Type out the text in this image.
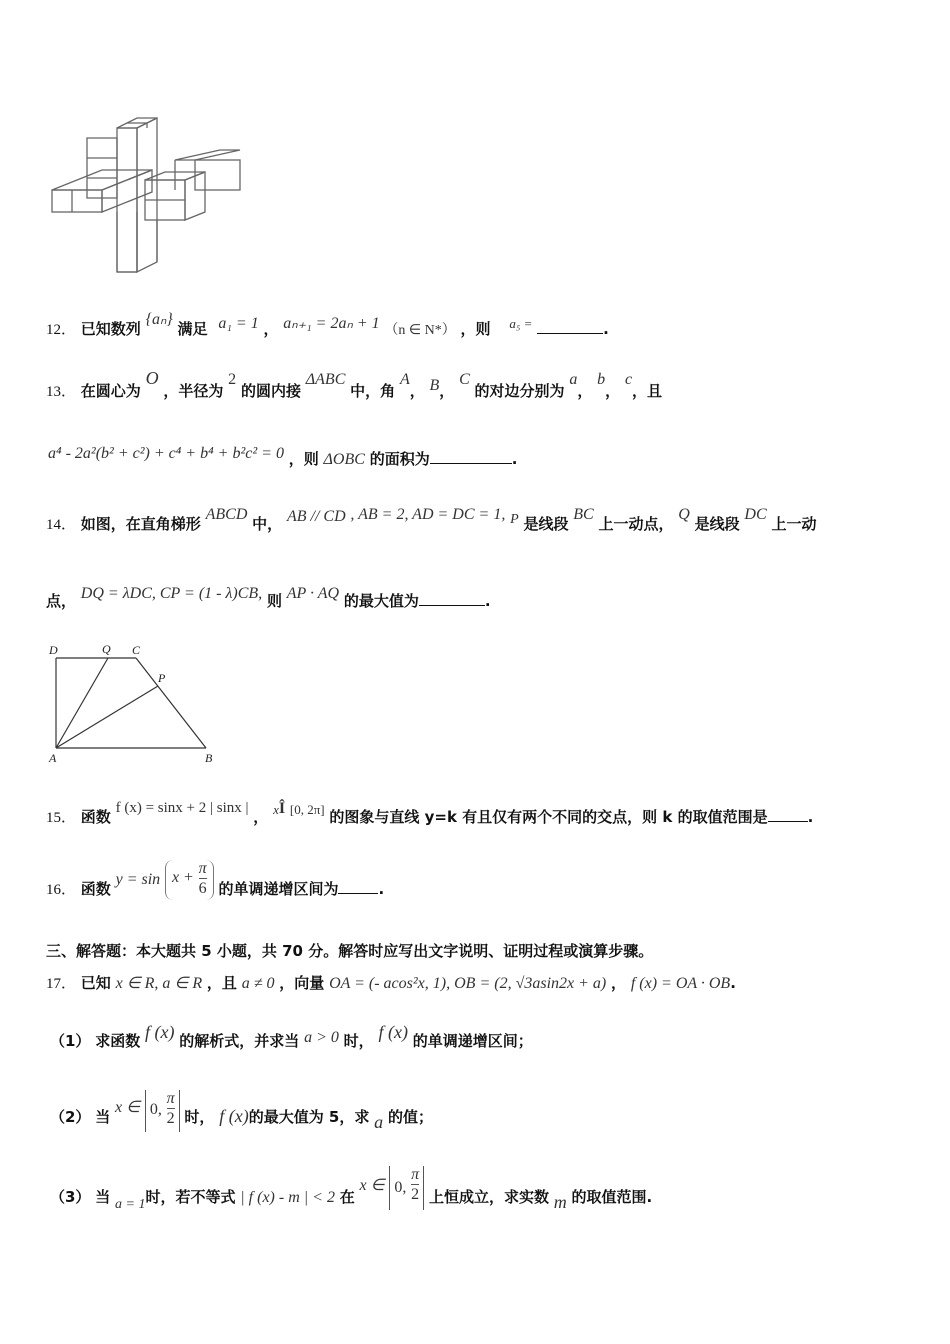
12． 已知数列 {aₙ} 满足 a₁ = 1 ， aₙ₊₁ = 2aₙ + 1 （n ∈ N*） ，则 a₅ =	.
13． 在圆心为 O ，半径为 2 的圆内接 ΔABC 中，角 A， B， C 的对边分别为 a， b， c，且
a⁴ - 2a²(b² + c²) + c⁴ + b⁴ + b²c² = 0 ，则 ΔOBC 的面积为	.
14． 如图，在直角梯形 ABCD 中， AB // CD , AB = 2, AD = DC = 1, P 是线段 BC 上一动点， Q 是线段 DC 上一动
点， DQ = λDC, CP = (1 - λ)CB, 则 AP · AQ 的最大值为	.
D	Q C
P
A	B
15． 函数 f (x) = sinx + 2 | sinx | ， xÎ [0, 2π] 的图象与直线 y=k 有且仅有两个不同的交点，则 k 的取值范围是	.
16． 函数 $y = \sin x + \frac{\pi}{6}$ 的单调递增区间为	.
三、解答题：本大题共 5 小题，共 70 分。解答时应写出文字说明、证明过程或演算步骤。
17． 已知 x ∈ R, a ∈ R ，且 a ≠ 0 ，向量 OA = (- acos²x, 1), OB = (2, √3asin2x + a) ， f (x) = OA · OB.
（1） 求函数 f (x) 的解析式，并求当 a > 0 时， f (x) 的单调递增区间；
（2） 当 x ∈ 0, $\frac{\pi}{2}$ 时， f (x)的最大值为 5，求 a 的值；
（3） 当 a = 1时，若不等式 | f (x) - m | < 2 在 x ∈ 0, $\frac{\pi}{2}$ 上恒成立，求实数 m 的取值范围.
